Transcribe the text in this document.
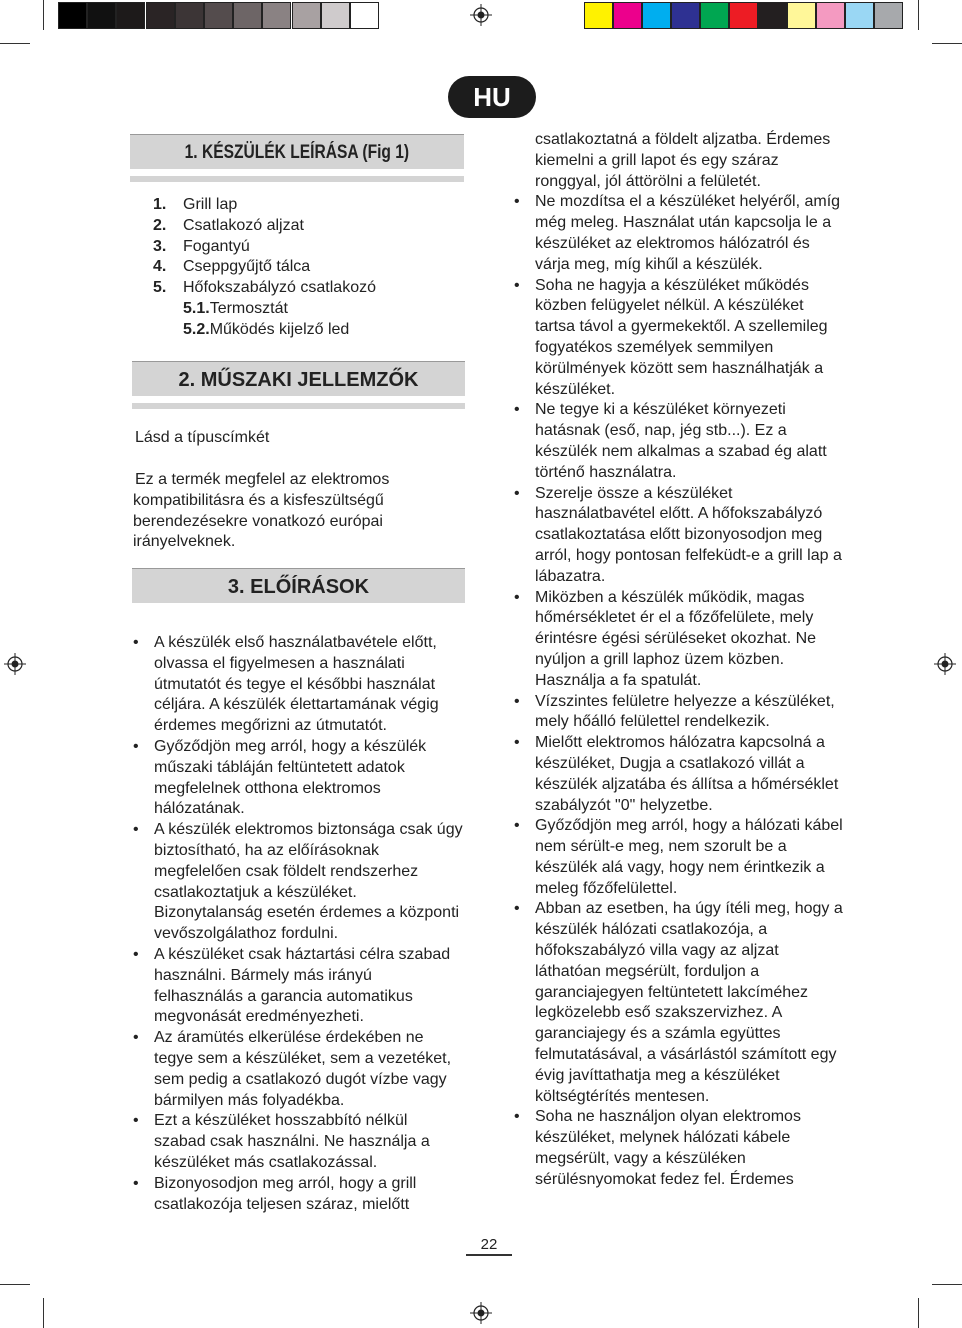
HU
1. KÉSZÜLÉK LEÍRÁSA (Fig 1)
1.	Grill lap
2.	Csatlakozó aljzat
3.	Fogantyú
4.	Cseppgyűjtő tálca
5.	Hőfokszabályzó csatlakozó
5.1. Termosztát
5.2. Működés kijelző led
2. MŰSZAKI JELLEMZŐK
Lásd a típuscímkét
Ez a termék megfelel az elektromos kompatibilitásra és a kisfeszültségű berendezésekre vonatkozó európai irányelveknek.
3. ELŐÍRÁSOK
• A készülék első használatbavétele előtt, olvassa el figyelmesen a használati útmutatót és tegye el későbbi használat céljára. A készülék élettartamának végig érdemes megőrizni az útmutatót.
• Győződjön meg arról, hogy a készülék műszaki tábláján feltüntetett adatok megfelelnek otthona elektromos hálózatának.
• A készülék elektromos biztonsága csak úgy biztosítható, ha az előírásoknak megfelelően csak földelt rendszerhez csatlakoztatjuk a készüléket. Bizonytalanság esetén érdemes a központi vevőszolgálathoz fordulni.
• A készüléket csak háztartási célra szabad használni. Bármely más irányú felhasználás a garancia automatikus megvonását eredményezheti.
• Az áramütés elkerülése érdekében ne tegye sem a készüléket, sem a vezetéket, sem pedig a csatlakozó dugót vízbe vagy bármilyen más folyadékba.
• Ezt a készüléket hosszabbító nélkül szabad csak használni. Ne használja a készüléket más csatlakozással.
• Bizonyosodjon meg arról, hogy a grill csatlakozója teljesen száraz, mielőtt
csatlakoztatná a földelt aljzatba. Érdemes kiemelni a grill lapot és egy száraz ronggyal, jól áttörölni a felületét.
• Ne mozdítsa el a készüléket helyéről, amíg még meleg. Használat után kapcsolja le a készüléket az elektromos hálózatról és várja meg, míg kihűl a készülék.
• Soha ne hagyja a készüléket működés közben felügyelet nélkül. A készüléket tartsa távol a gyermekektől. A szellemileg fogyatékos személyek semmilyen körülmények között sem használhatják a készüléket.
• Ne tegye ki a készüléket környezeti hatásnak (eső, nap, jég stb...). Ez a készülék nem alkalmas a szabad ég alatt történő használatra.
• Szerelje össze a készüléket használatbavétel előtt. A hőfokszabályzó csatlakoztatása előtt bizonyosodjon meg arról, hogy pontosan felfeküdt-e a grill lap a lábazatra.
• Miközben a készülék működik, magas hőmérsékletet ér el a főzőfelülete, mely érintésre égési sérüléseket okozhat. Ne nyúljon a grill laphoz üzem közben. Használja a fa spatulát.
• Vízszintes felületre helyezze a készüléket, mely hőálló felülettel rendelkezik.
• Mielőtt elektromos hálózatra kapcsolná a készüléket, Dugja a csatlakozó villát a készülék aljzatába és állítsa a hőmérséklet szabályzót "0" helyzetbe.
• Győződjön meg arról, hogy a hálózati kábel nem sérült-e meg, nem szorult be a készülék alá vagy, hogy nem érintkezik a meleg főzőfelülettel.
• Abban az esetben, ha úgy ítéli meg, hogy a készülék hálózati csatlakozója, a hőfokszabályzó villa vagy az aljzat láthatóan megsérült, forduljon a garanciajegyen feltüntetett lakcíméhez legközelebb eső szakszervizhez. A garanciajegy és a számla együttes felmutatásával, a vásárlástól számított egy évig javíttathatja meg a készüléket költségtérítés mentesen.
• Soha ne használjon olyan elektromos készüléket, melynek hálózati kábele megsérült, vagy a készüléken sérülésnyomokat fedez fel. Érdemes
22
